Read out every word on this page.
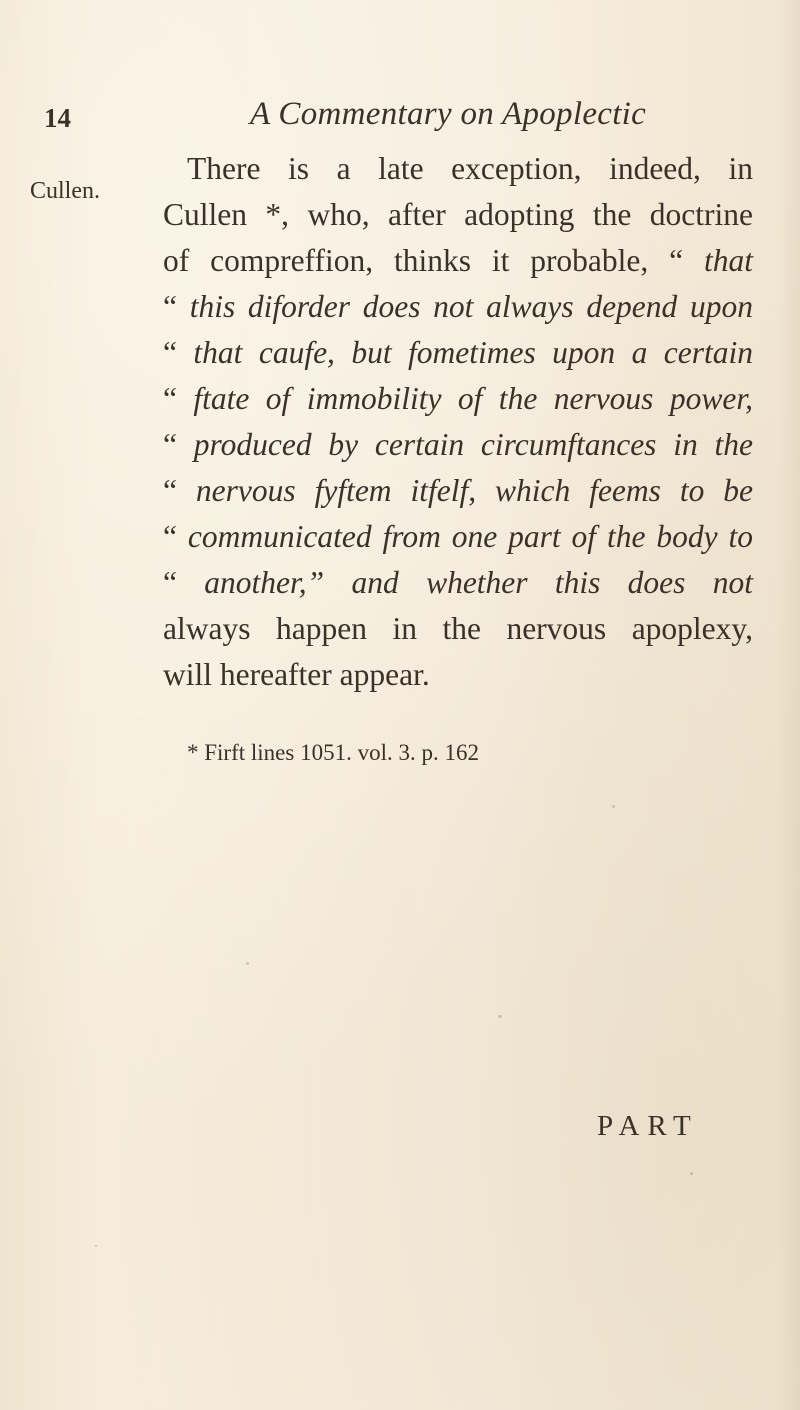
14	A Commentary on Apoplectic
Cullen.
There is a late exception, indeed, in
Cullen *, who, after adopting the doctrine
of compreffion, thinks it probable, “ that
“ this diforder does not always depend upon
“ that caufe, but fometimes upon a certain
“ ftate of immobility of the nervous power,
“ produced by certain circumftances in the
“ nervous fyftem itfelf, which feems to be
“ communicated from one part of the body to
“ another,” and whether this does not
always happen in the nervous apoplexy,
will hereafter appear.
* Firft lines 1051. vol. 3. p. 162
PART
